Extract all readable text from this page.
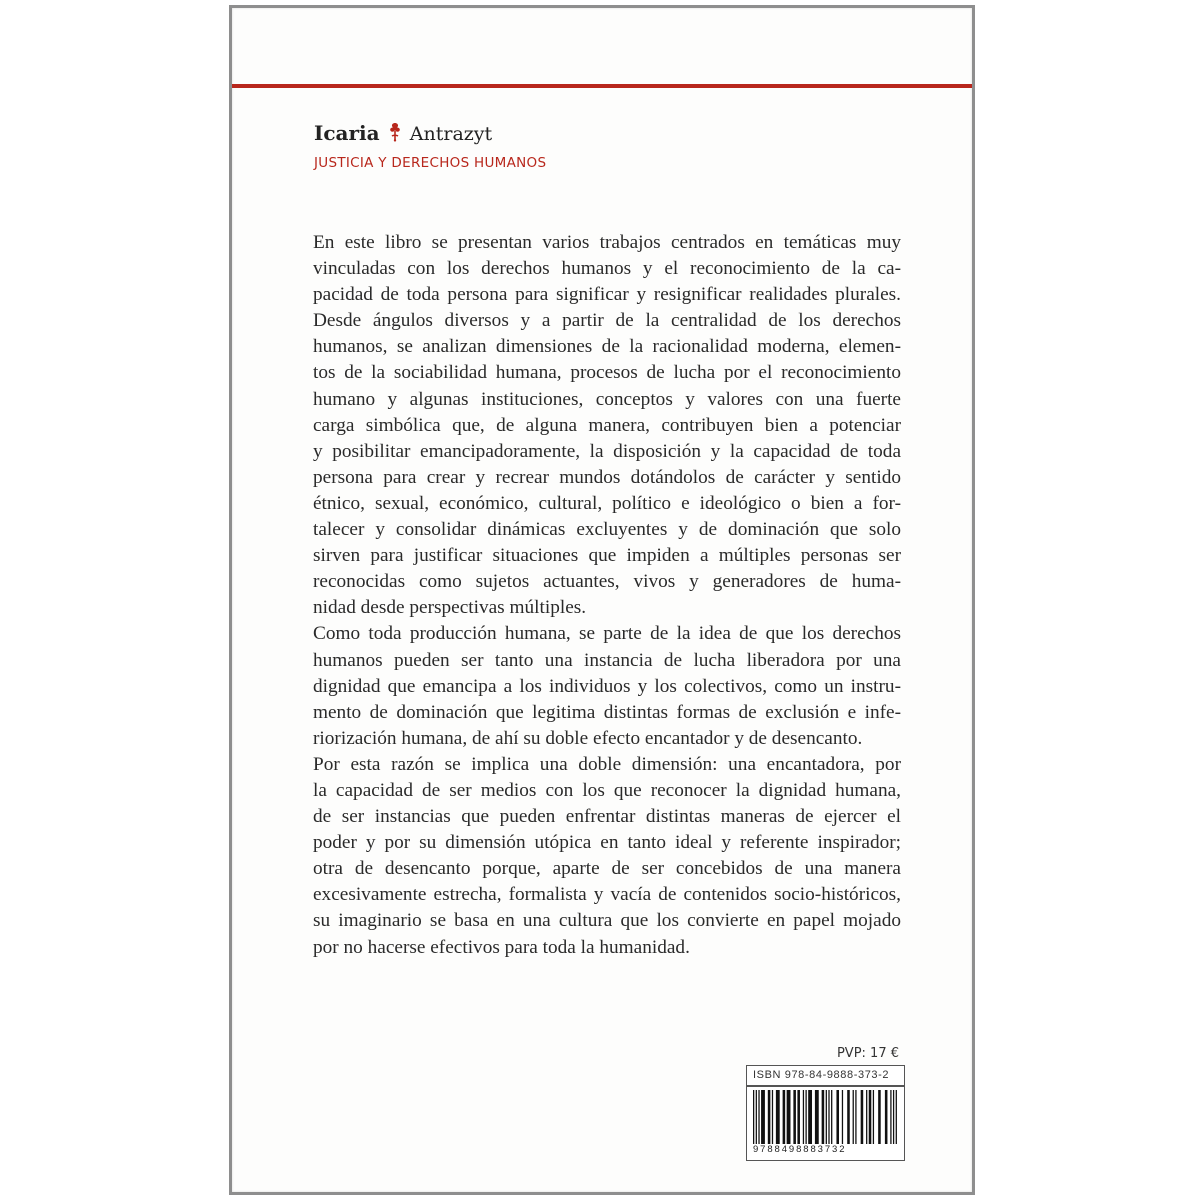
Icaria Antrazyt
JUSTICIA Y DERECHOS HUMANOS
En este libro se presentan varios trabajos centrados en temáticas muy
vinculadas con los derechos humanos y el reconocimiento de la ca-
pacidad de toda persona para significar y resignificar realidades plurales.
Desde ángulos diversos y a partir de la centralidad de los derechos
humanos, se analizan dimensiones de la racionalidad moderna, elemen-
tos de la sociabilidad humana, procesos de lucha por el reconocimiento
humano y algunas instituciones, conceptos y valores con una fuerte
carga simbólica que, de alguna manera, contribuyen bien a potenciar
y posibilitar emancipadoramente, la disposición y la capacidad de toda
persona para crear y recrear mundos dotándolos de carácter y sentido
étnico, sexual, económico, cultural, político e ideológico o bien a for-
talecer y consolidar dinámicas excluyentes y de dominación que solo
sirven para justificar situaciones que impiden a múltiples personas ser
reconocidas como sujetos actuantes, vivos y generadores de huma-
nidad desde perspectivas múltiples.
Como toda producción humana, se parte de la idea de que los derechos
humanos pueden ser tanto una instancia de lucha liberadora por una
dignidad que emancipa a los individuos y los colectivos, como un instru-
mento de dominación que legitima distintas formas de exclusión e infe-
riorización humana, de ahí su doble efecto encantador y de desencanto.
Por esta razón se implica una doble dimensión: una encantadora, por
la capacidad de ser medios con los que reconocer la dignidad humana,
de ser instancias que pueden enfrentar distintas maneras de ejercer el
poder y por su dimensión utópica en tanto ideal y referente inspirador;
otra de desencanto porque, aparte de ser concebidos de una manera
excesivamente estrecha, formalista y vacía de contenidos socio-históricos,
su imaginario se basa en una cultura que los convierte en papel mojado
por no hacerse efectivos para toda la humanidad.
PVP: 17 €
ISBN 978-84-9888-373-2
9788498883732
